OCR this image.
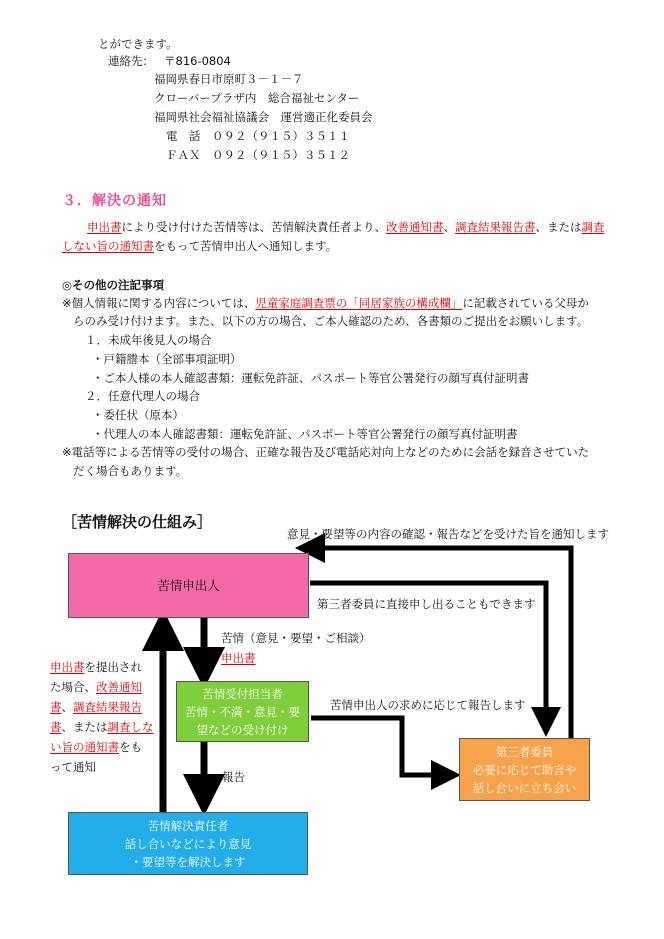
とができます。
連絡先： 〒816-0804
福岡県春日市原町３－１－７
クローバープラザ内　総合福祉センター
福岡県社会福祉協議会　運営適正化委員会
電　話　０９２（９１５）３５１１
ＦＡＸ　０９２（９１５）３５１２
３．解決の通知
申出書により受け付けた苦情等は、苦情解決責任者より、改善通知書、調査結果報告書、または調査
しない旨の通知書をもって苦情申出人へ通知します。
◎その他の注記事項
※個人情報に関する内容については、児童家庭調査票の「同居家族の構成欄」に記載されている父母か
らのみ受け付けます。また、以下の方の場合、ご本人確認のため、各書類のご提出をお願いします。
１．未成年後見人の場合
・戸籍謄本（全部事項証明）
・ご本人様の本人確認書類：運転免許証、パスポート等官公署発行の顔写真付証明書
２．任意代理人の場合
・委任状（原本）
・代理人の本人確認書類：運転免許証、パスポート等官公署発行の顔写真付証明書
※電話等による苦情等の受付の場合、正確な報告及び電話応対向上などのために会話を録音させていた
だく場合もあります。
［苦情解決の仕組み］
意見・要望等の内容の確認・報告などを受けた旨を通知します
苦情申出人
第三者委員に直接申し出ることもできます
苦情（意見・要望・ご相談）
申出書
苦情受付担当者
苦情・不満・意見・要
望などの受け付け
苦情申出人の求めに応じて報告します
第三者委員
必要に応じて助言や
話し合いに立ち会い
報告
苦情解決責任者
話し合いなどにより意見
・要望等を解決します
申出書を提出され
た場合、改善通知
書、調査結果報告
書、または調査しな
い旨の通知書をも
って通知
